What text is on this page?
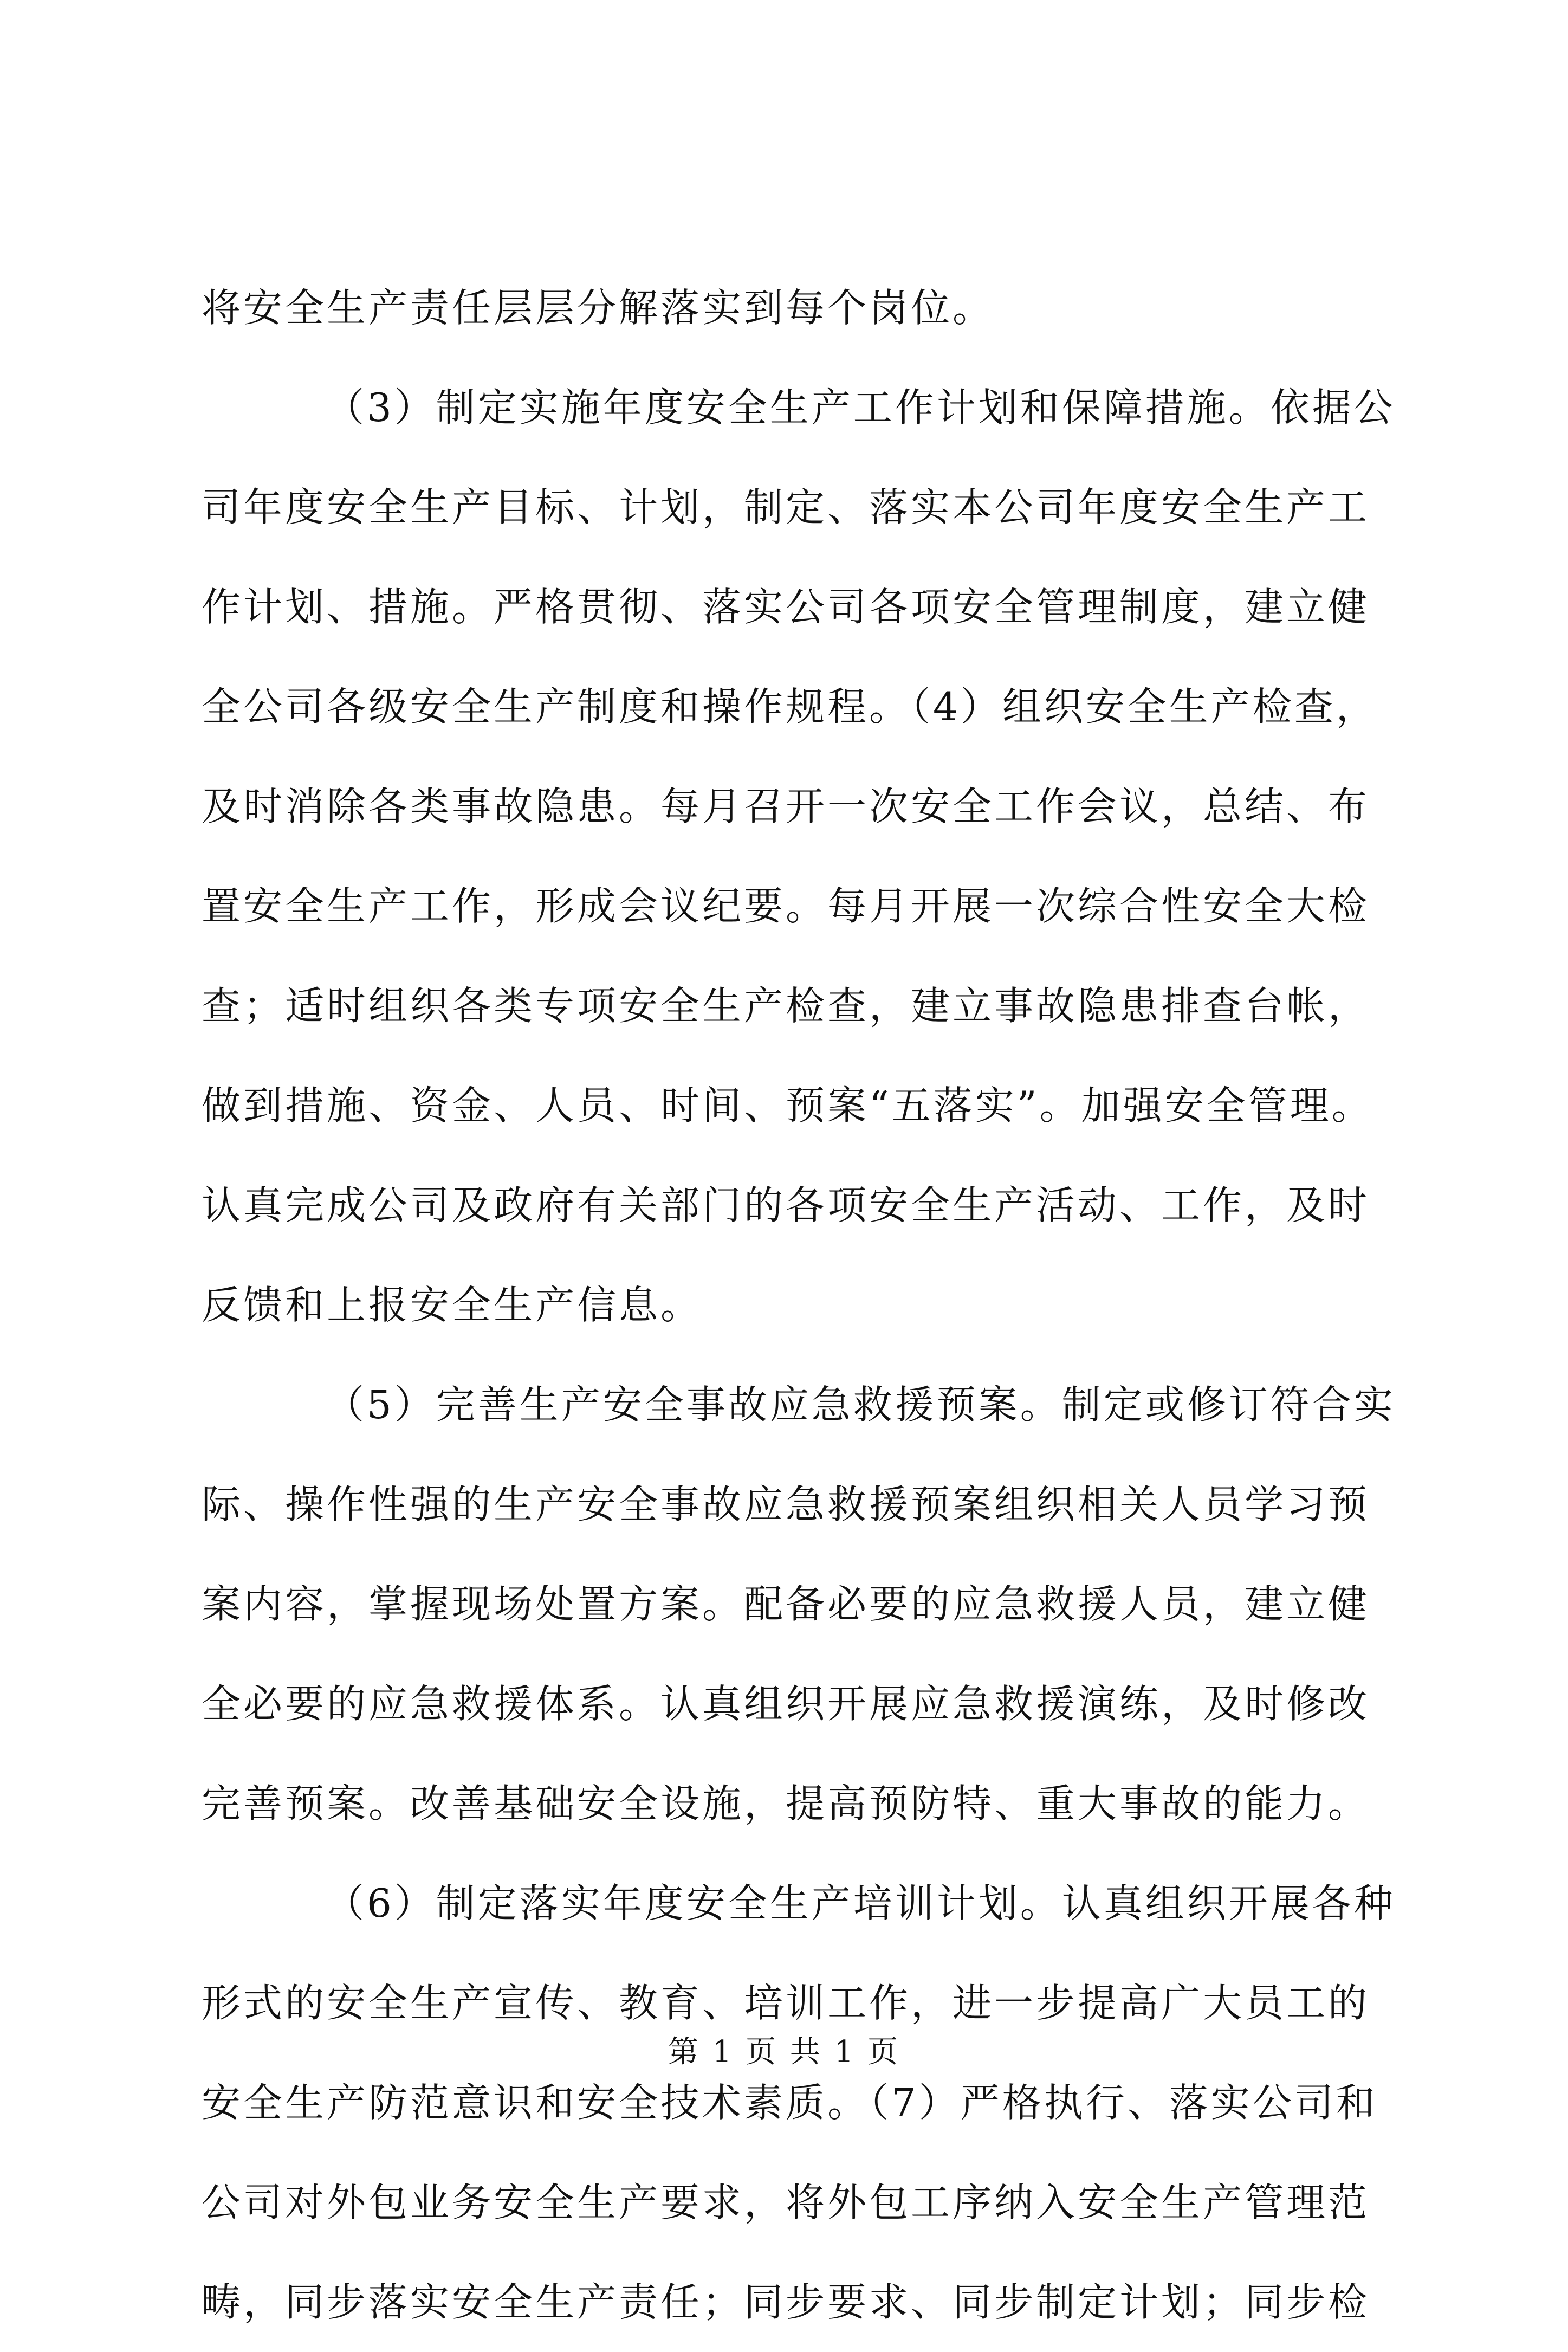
将安全生产责任层层分解落实到每个岗位。
（3）制定实施年度安全生产工作计划和保障措施。依据公
司年度安全生产目标、计划，制定、落实本公司年度安全生产工
作计划、措施。严格贯彻、落实公司各项安全管理制度，建立健
全公司各级安全生产制度和操作规程。（4）组织安全生产检查，
及时消除各类事故隐患。每月召开一次安全工作会议，总结、布
置安全生产工作，形成会议纪要。每月开展一次综合性安全大检
查；适时组织各类专项安全生产检查，建立事故隐患排查台帐，
做到措施、资金、人员、时间、预案“五落实”。加强安全管理。
认真完成公司及政府有关部门的各项安全生产活动、工作，及时
反馈和上报安全生产信息。
（5）完善生产安全事故应急救援预案。制定或修订符合实
际、操作性强的生产安全事故应急救援预案组织相关人员学习预
案内容，掌握现场处置方案。配备必要的应急救援人员，建立健
全必要的应急救援体系。认真组织开展应急救援演练，及时修改
完善预案。改善基础安全设施，提高预防特、重大事故的能力。
（6）制定落实年度安全生产培训计划。认真组织开展各种
形式的安全生产宣传、教育、培训工作，进一步提高广大员工的
安全生产防范意识和安全技术素质。（7）严格执行、落实公司和
公司对外包业务安全生产要求，将外包工序纳入安全生产管理范
畴，同步落实安全生产责任；同步要求、同步制定计划；同步检
第 1 页 共 1 页
